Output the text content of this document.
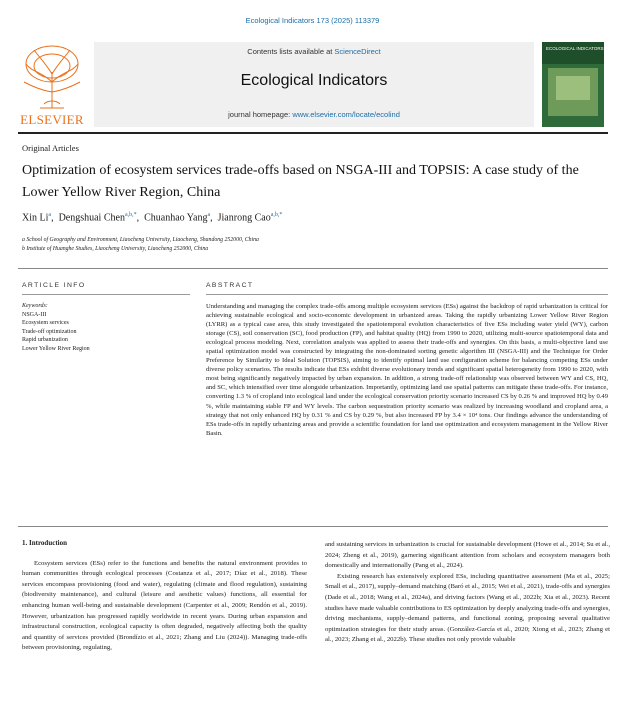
Ecological Indicators 173 (2025) 113379
ELSEVIER
Contents lists available at ScienceDirect
Ecological Indicators
journal homepage: www.elsevier.com/locate/ecolind
ECOLOGICAL INDICATORS
Original Articles
Optimization of ecosystem services trade-offs based on NSGA-III and TOPSIS: A case study of the Lower Yellow River Region, China
Xin Li$^a$,  Dengshuai Chen$^{a,b,*}$,  Chuanhao Yang$^a$,  Jianrong Cao$^{a,b,*}$
a School of Geography and Environment, Liaocheng University, Liaocheng, Shandong 252000, China
b Institute of Huanghe Studies, Liaocheng University, Liaocheng 252000, China
ARTICLE INFO	ABSTRACT
Keywords:
NSGA-III
Ecosystem services
Trade-off optimization
Rapid urbanization
Lower Yellow River Region
Understanding and managing the complex trade-offs among multiple ecosystem services (ESs) against the backdrop of rapid urbanization is critical for achieving sustainable ecological and socio-economic development in urbanized areas. Taking the rapidly urbanizing Lower Yellow River Region (LYRR) as a typical case area, this study investigated the spatiotemporal evolution characteristics of five ESs including water yield (WY), carbon storage (CS), soil conservation (SC), food production (FP), and habitat quality (HQ) from 1990 to 2020, utilizing multi-source spatiotemporal data and ecological process modeling. Next, correlation analysis was applied to assess their trade-offs and synergies. On this basis, a multi-objective land use spatial optimization model was constructed by integrating the non-dominated sorting genetic algorithm III (NSGA-III) and the Technique for Order Preference by Similarity to Ideal Solution (TOPSIS), aiming to identify optimal land use configuration scheme for balancing competing ESs under diverse policy scenarios. The results indicate that ESs exhibit diverse evolutionary trends and significant spatial heterogeneity from 1990 to 2020, with most being significantly negatively impacted by urban expansion. In addition, a strong trade-off relationship was observed between WY and CS, HQ, and SC, which intensified over time alongside urbanization. Importantly, optimizing land use spatial patterns can mitigate these trade-offs. For instance, converting 1.3 % of cropland into ecological land under the ecological conservation priority scenario increased CS by 0.26 % and improved HQ by 0.49 %, while maintaining stable FP and WY levels. The carbon sequestration priority scenario was realized by increasing woodland and cropland area, a strategy that not only enhanced HQ by 0.31 % and CS by 0.29 %, but also increased FP by 3.4 × 10⁴ tons. Our findings advance the understanding of ESs trade-offs in rapidly urbanizing areas and provide a scientific foundation for land use optimization and ecosystem management in the Yellow River Basin.
1. Introduction

Ecosystem services (ESs) refer to the functions and benefits the natural environment provides to human communities through ecological processes (Costanza et al., 2017; Díaz et al., 2018). These services encompass provisioning (food and water), regulating (climate and flood regulation), sustaining (biodiversity maintenance), and cultural (leisure and aesthetic values) functions, all essential for enhancing human well-being and sustainable development (Carpenter et al., 2009; Rendón et al., 2019). However, urbanization has progressed rapidly worldwide in recent years. During urban expansion and infrastructural construction, ecological capacity is often degraded, negatively affecting both the quality and quantity of services provided (Brondízio et al., 2021; Zhang and Liu (2024)). Managing trade-offs between provisioning, regulating,

and sustaining services in urbanization is crucial for sustainable development (Howe et al., 2014; Su et al., 2024; Zheng et al., 2019), garnering significant attention from scholars and ecosystem managers both domestically and internationally (Pang et al., 2024).

Existing research has extensively explored ESs, including quantitative assessment (Ma et al., 2025; Small et al., 2017), supply–demand matching (Baró et al., 2015; Wei et al., 2021), trade-offs and synergies (Dade et al., 2018; Wang et al., 2024a), and driving factors (Wang et al., 2022b; Xia et al., 2023). Recent studies have made valuable contributions to ES optimization by deeply analyzing trade-offs and synergies, driving mechanisms, supply–demand patterns, and functional zoning, proposing several qualitative optimization strategies for their study areas. (González-García et al., 2020; Xiong et al., 2023; Zhang et al., 2023; Zhang et al., 2022b). These studies not only provide valuable
